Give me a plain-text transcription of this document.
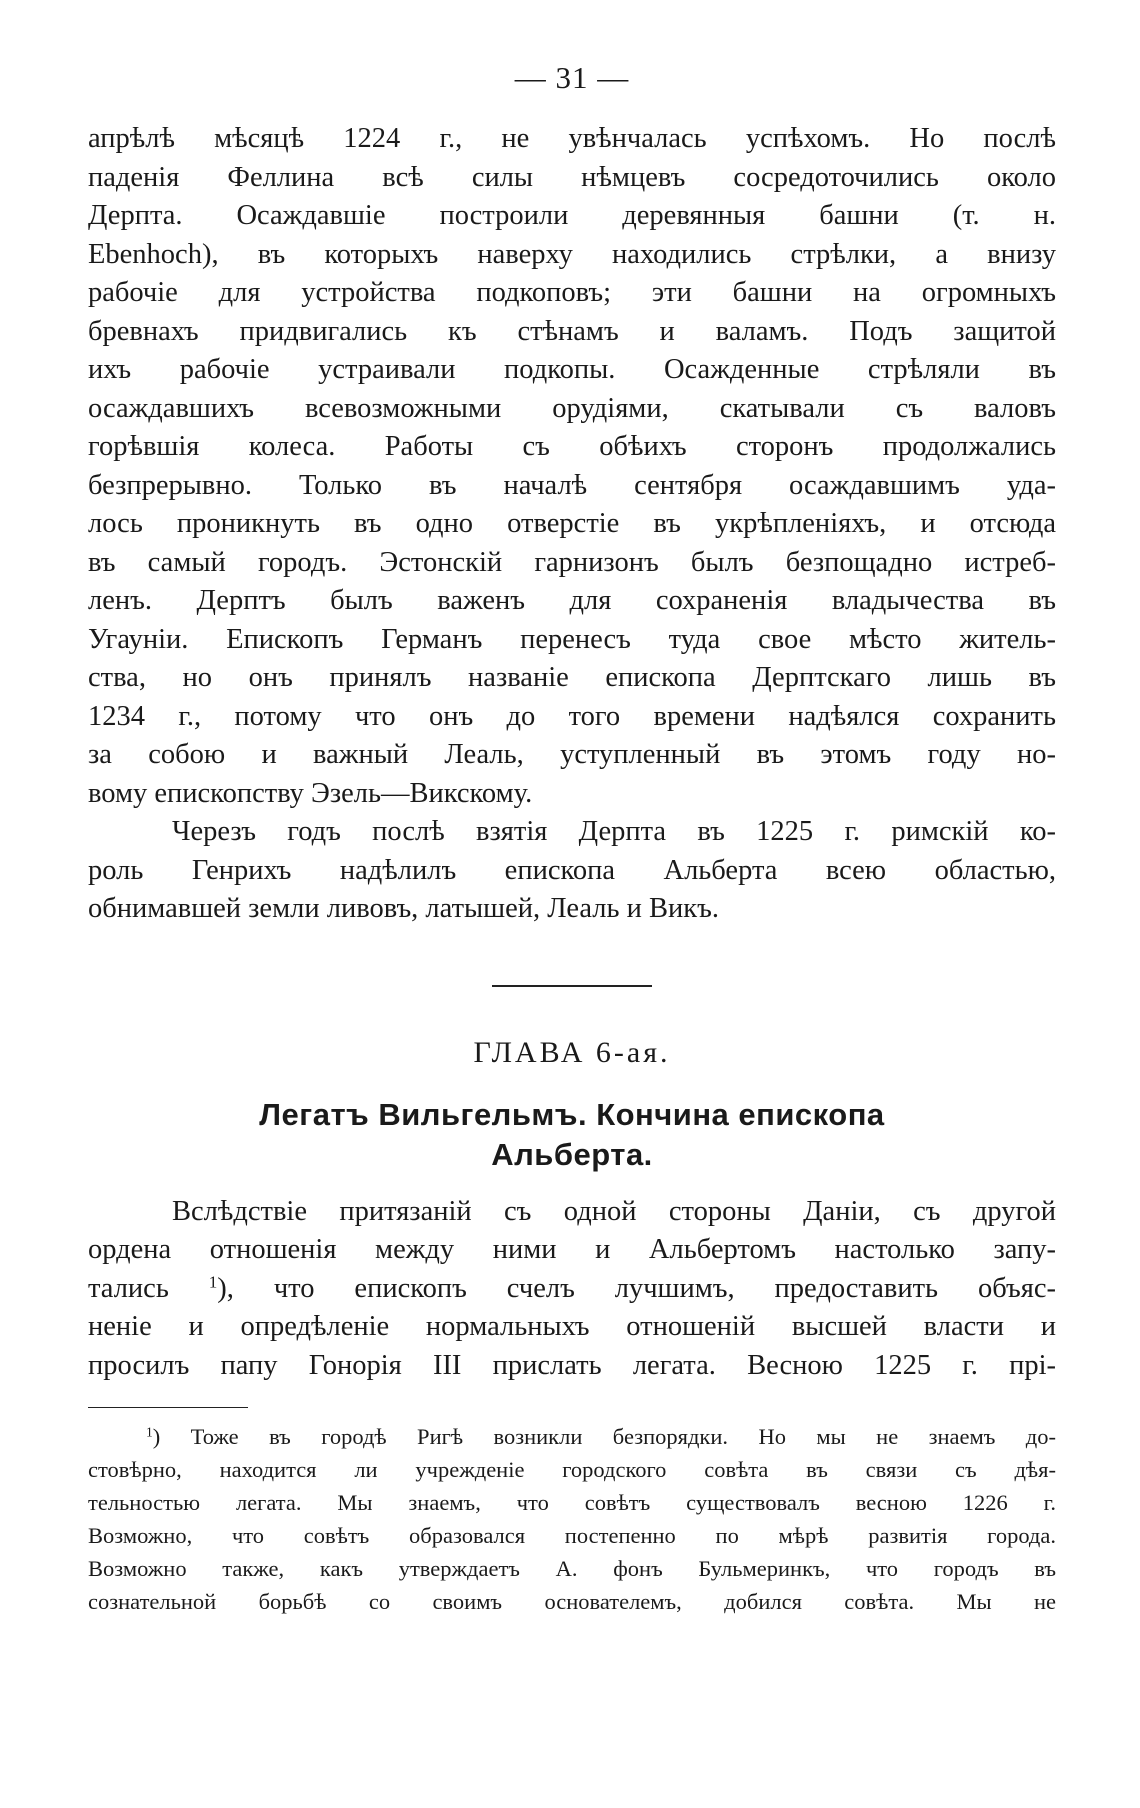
— 31 —

апрѣлѣ мѣсяцѣ 1224 г., не увѣнчалась успѣхомъ. Но послѣ
паденія Феллина всѣ силы нѣмцевъ сосредоточились около
Дерпта. Осаждавшіе построили деревянныя башни (т. н.
Ebenhoch), въ которыхъ наверху находились стрѣлки, а внизу
рабочіе для устройства подкоповъ; эти башни на огромныхъ
бревнахъ придвигались къ стѣнамъ и валамъ. Подъ защитой
ихъ рабочіе устраивали подкопы. Осажденные стрѣляли въ
осаждавшихъ всевозможными орудіями, скатывали съ валовъ
горѣвшія колеса. Работы съ обѣихъ сторонъ продолжались
безпрерывно. Только въ началѣ сентября осаждавшимъ уда-
лось проникнуть въ одно отверстіе въ укрѣпленіяхъ, и отсюда
въ самый городъ. Эстонскій гарнизонъ былъ безпощадно истреб-
ленъ. Дерптъ былъ важенъ для сохраненія владычества въ
Угауніи. Епископъ Германъ перенесъ туда свое мѣсто житель-
ства, но онъ принялъ названіе епископа Дерптскаго лишь въ
1234 г., потому что онъ до того времени надѣялся сохранить
за собою и важный Леаль, уступленный въ этомъ году но-
вому епископству Эзель—Викскому.

Черезъ годъ послѣ взятія Дерпта въ 1225 г. римскій ко-
роль Генрихъ надѣлилъ епископа Альберта всею областью,
обнимавшей земли ливовъ, латышей, Леаль и Викъ.

ГЛАВА 6-ая.
Легатъ Вильгельмъ. Кончина епископа
Альберта.

Вслѣдствіе притязаній съ одной стороны Даніи, съ другой
ордена отношенія между ними и Альбертомъ настолько запу-
тались $^1$), что епископъ счелъ лучшимъ, предоставить объяс-
неніе и опредѣленіе нормальныхъ отношеній высшей власти и
просилъ папу Гонорія III прислать легата. Весною 1225 г. прі-

$^1$) Тоже въ городѣ Ригѣ возникли безпорядки. Но мы не знаемъ до-
стовѣрно, находится ли учрежденіе городского совѣта въ связи съ дѣя-
тельностью легата. Мы знаемъ, что совѣтъ существовалъ весною 1226 г.
Возможно, что совѣтъ образовался постепенно по мѣрѣ развитія города.
Возможно также, какъ утверждаетъ А. фонъ Бульмеринкъ, что городъ въ
сознательной борьбѣ со своимъ основателемъ, добился совѣта. Мы не
